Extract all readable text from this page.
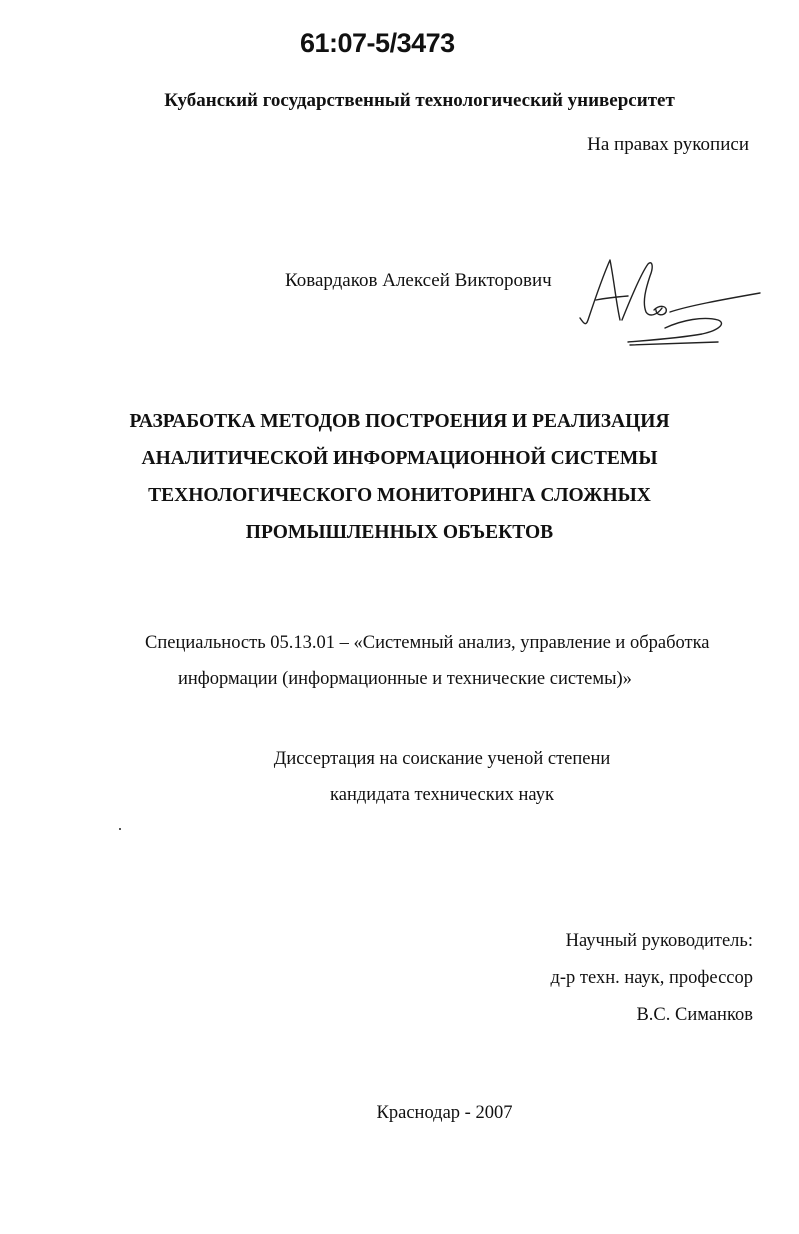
61:07-5/3473
Кубанский государственный технологический университет
На правах рукописи
Ковардаков Алексей Викторович
РАЗРАБОТКА МЕТОДОВ ПОСТРОЕНИЯ И РЕАЛИЗАЦИЯ
АНАЛИТИЧЕСКОЙ ИНФОРМАЦИОННОЙ СИСТЕМЫ
ТЕХНОЛОГИЧЕСКОГО МОНИТОРИНГА СЛОЖНЫХ
ПРОМЫШЛЕННЫХ ОБЪЕКТОВ
Специальность 05.13.01 – «Системный анализ, управление и обработка
информации (информационные и технические системы)»
Диссертация на соискание ученой степени
кандидата технических наук
Научный руководитель:
д-р техн. наук, профессор
В.С. Симанков
Краснодар - 2007
